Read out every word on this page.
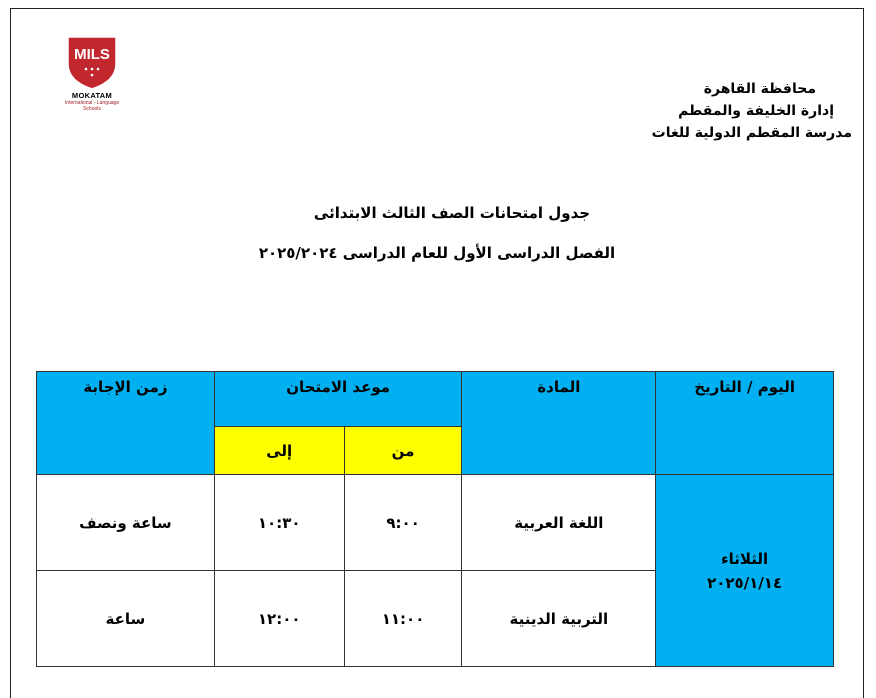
MILS
MOKATAM
International - Language Schools
محافظة القاهرة
إدارة الخليفة والمقطم
مدرسة المقطم الدولية للغات
جدول امتحانات الصف الثالث الابتدائى
الفصل الدراسى الأول للعام الدراسى ٢٠٢٥/٢٠٢٤
اليوم / التاريخ	المادة	موعد الامتحان		زمن الإجابة
		من	إلى	

الثلاثاء
٢٠٢٥/١/١٤	اللغة العربية	٩:٠٠	١٠:٣٠	ساعة ونصف
	التربية الدينية	١١:٠٠	١٢:٠٠	ساعة
